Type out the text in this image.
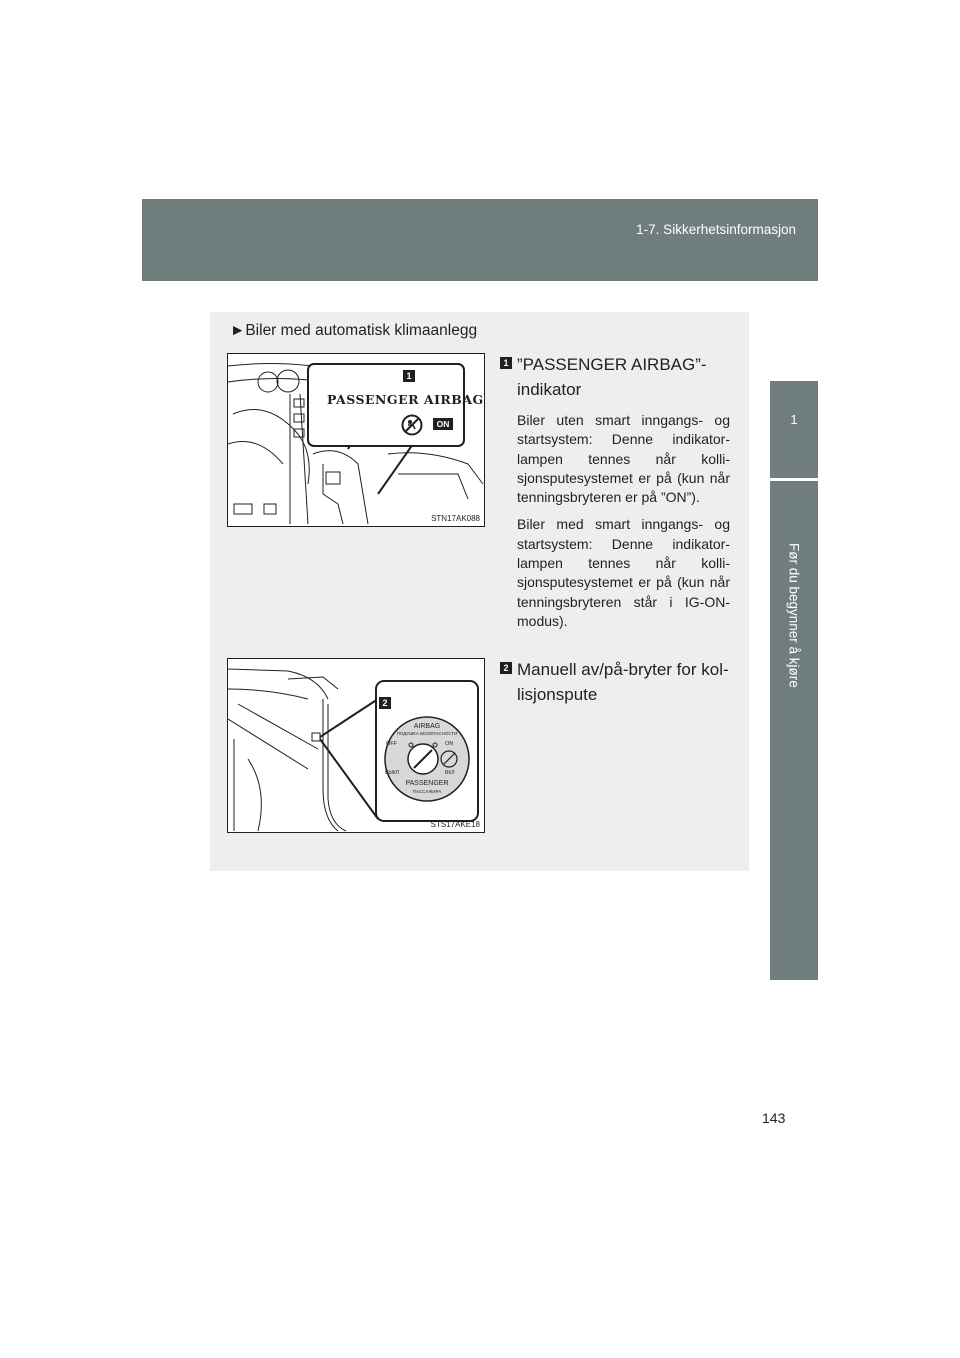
1-7. Sikkerhetsinformasjon
1
Før du begynner å kjøre
►Biler med automatisk klimaanlegg
1
PASSENGER AIRBAG
ON
STN17AK088
1 ”PASSENGER AIRBAG”-indikator
Biler uten smart inngangs- og startsystem: Denne indikatorlampen tennes når kollisjonsputesystemet er på (kun når tenningsbryteren er på ”ON”).
Biler med smart inngangs- og startsystem: Denne indikatorlampen tennes når kollisjonsputesystemet er på (kun når tenningsbryteren står i IG-ON-modus).
2
AIRBAG
ПОДУШКА БЕЗОПАСНОСТИ
OFF
ВЫКЛ
ON
ВКЛ
PASSENGER
ПАССАЖИРА
STS17AKE18
2 Manuell av/på-bryter for kollisjonspute
143
